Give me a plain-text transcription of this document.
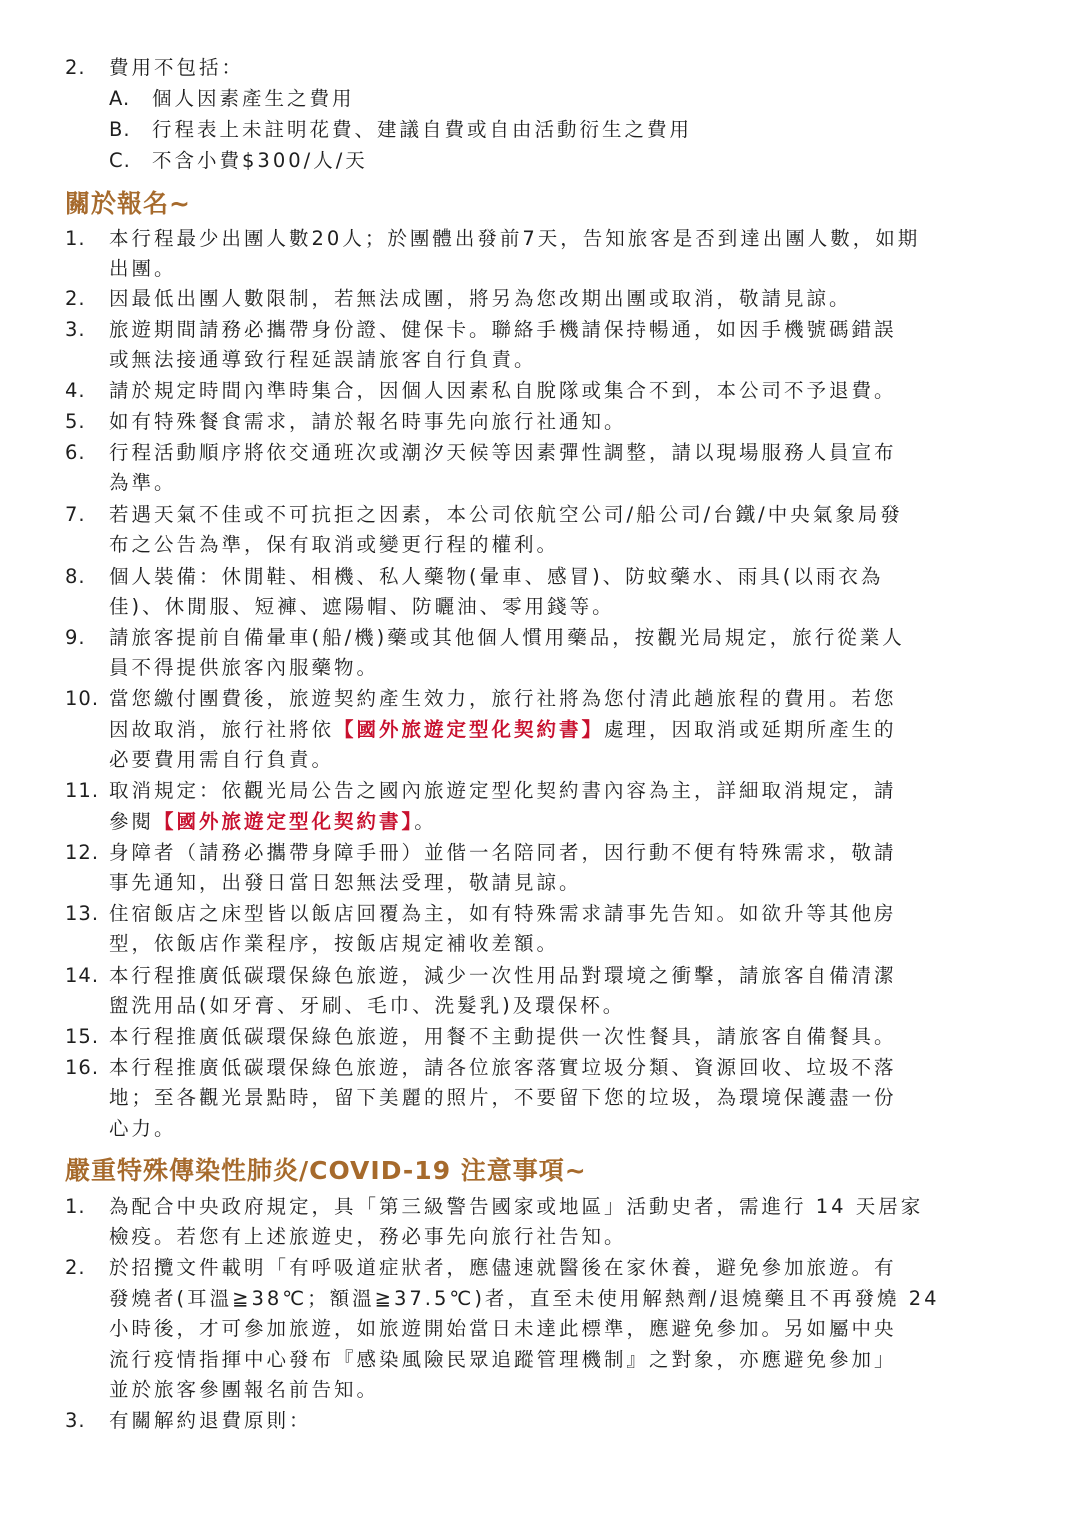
2. 費用不包括：
A. 個人因素產生之費用
B. 行程表上未註明花費、建議自費或自由活動衍生之費用
C. 不含小費$300/人/天
關於報名~
1. 本行程最少出團人數20人；於團體出發前7天，告知旅客是否到達出團人數，如期
出團。
2. 因最低出團人數限制，若無法成團，將另為您改期出團或取消，敬請見諒。
3. 旅遊期間請務必攜帶身份證、健保卡。聯絡手機請保持暢通，如因手機號碼錯誤
或無法接通導致行程延誤請旅客自行負責。
4. 請於規定時間內準時集合，因個人因素私自脫隊或集合不到，本公司不予退費。
5. 如有特殊餐食需求，請於報名時事先向旅行社通知。
6. 行程活動順序將依交通班次或潮汐天候等因素彈性調整，請以現場服務人員宣布
為準。
7. 若遇天氣不佳或不可抗拒之因素，本公司依航空公司/船公司/台鐵/中央氣象局發
布之公告為準，保有取消或變更行程的權利。
8. 個人裝備：休閒鞋、相機、私人藥物(暈車、感冒)、防蚊藥水、雨具(以雨衣為
佳)、休閒服、短褲、遮陽帽、防曬油、零用錢等。
9. 請旅客提前自備暈車(船/機)藥或其他個人慣用藥品，按觀光局規定，旅行從業人
員不得提供旅客內服藥物。
10. 當您繳付團費後，旅遊契約產生效力，旅行社將為您付清此趟旅程的費用。若您
因故取消，旅行社將依【國外旅遊定型化契約書】處理，因取消或延期所產生的
必要費用需自行負責。
11. 取消規定：依觀光局公告之國內旅遊定型化契約書內容為主，詳細取消規定，請
參閱【國外旅遊定型化契約書】。
12. 身障者（請務必攜帶身障手冊）並偕一名陪同者，因行動不便有特殊需求，敬請
事先通知，出發日當日恕無法受理，敬請見諒。
13. 住宿飯店之床型皆以飯店回覆為主，如有特殊需求請事先告知。如欲升等其他房
型，依飯店作業程序，按飯店規定補收差額。
14. 本行程推廣低碳環保綠色旅遊，減少一次性用品對環境之衝擊，請旅客自備清潔
盥洗用品(如牙膏、牙刷、毛巾、洗髮乳)及環保杯。
15. 本行程推廣低碳環保綠色旅遊，用餐不主動提供一次性餐具，請旅客自備餐具。
16. 本行程推廣低碳環保綠色旅遊，請各位旅客落實垃圾分類、資源回收、垃圾不落
地；至各觀光景點時，留下美麗的照片，不要留下您的垃圾，為環境保護盡一份
心力。
嚴重特殊傳染性肺炎/COVID-19 注意事項~
1. 為配合中央政府規定，具「第三級警告國家或地區」活動史者，需進行 14 天居家
檢疫。若您有上述旅遊史，務必事先向旅行社告知。
2. 於招攬文件載明「有呼吸道症狀者，應儘速就醫後在家休養，避免參加旅遊。有
發燒者(耳溫≧38℃；額溫≧37.5℃)者，直至未使用解熱劑/退燒藥且不再發燒 24
小時後，才可參加旅遊，如旅遊開始當日未達此標準，應避免參加。另如屬中央
流行疫情指揮中心發布『感染風險民眾追蹤管理機制』之對象，亦應避免參加」
並於旅客參團報名前告知。
3. 有關解約退費原則：
